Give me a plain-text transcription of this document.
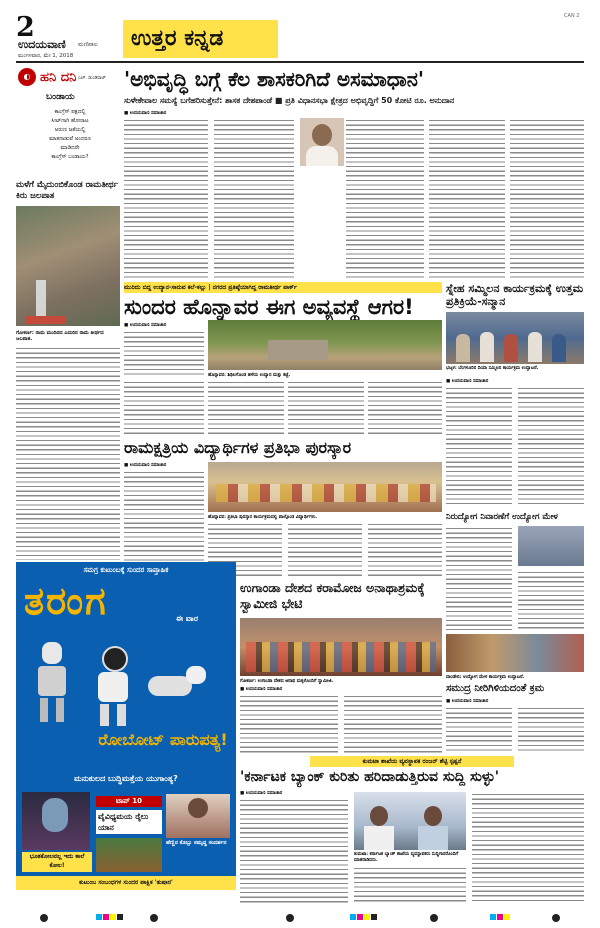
2
ಉದಯವಾಣಿ ಮಣಿಪಾಲ
ಮಂಗಳವಾರ, ಮೇ 1, 2018
ಉತ್ತರ ಕನ್ನಡ
CAN 2
◐ ಹನಿ ದನಿ ಎಚ್. ಡುಂಡಿರಾಜ್
ಬಂಡಾಯ
ಕಾಂಗ್ರೆಸ್ ಪಕ್ಷದಲ್ಲಿ
ಸೀಟ್‌ಗಾಗಿ ಹೋರಾಟ
ಅರುಣ ಜತೆಯಲ್ಲಿ
ಮಾತನಾಡುವೆ ಅಂದರೂ
ಮಾಡಿದರೇ
ಕಾಂಗ್ರೆಸ್ ಬಂಡಾಯ?
ಮಳೆಗೆ ಮೈದುಂಬಿಕೊಂಡ ರಾಮತೀರ್ಥ ಕಿರು ಜಲಪಾತ
ಗೋಕರ್ಣ: ರಾಮ ಮಂದಿರದ ಎದುರಿನ ರಾಮ ತೀರ್ಥದ ಜಲಪಾತ.
'ಅಭಿವೃದ್ಧಿ ಬಗ್ಗೆ ಕೆಲ ಶಾಸಕರಿಗಿದೆ ಅಸಮಾಧಾನ'
ಸುಳೇಕೇವಾಲ ಸಮಸ್ಯೆ ಬಗೆಹರಿಸುತ್ತೇನೆ: ಶಾಸಕ ದೇಶಪಾಂಡೆ ■ ಪ್ರತಿ ವಿಧಾನಸಭಾ ಕ್ಷೇತ್ರದ ಅಭಿವೃದ್ಧಿಗೆ 50 ಕೋಟಿ ರೂ. ಅನುದಾನ
■ ಉದಯವಾಣಿ ಸಮಾಚಾರ
ಮುರಿದು ಬಿದ್ದ ಉದ್ಯಾನ-ಸಾರುವ ಕಲೆ-ಕಲ್ಲು | ನಗರದ ಪ್ರತಿಷ್ಠೆಯಾಗಿದ್ದ ರಾಮತೀರ್ಥ ಪಾರ್ಕ್
ಸುಂದರ ಹೊನ್ನಾವರ ಈಗ ಅವ್ಯವಸ್ಥೆ ಆಗರ!
■ ಉದಯವಾಣಿ ಸಮಾಚಾರ
ಹೊನ್ನಾವರ: ಶಿಥಿಲಗೊಂಡ ಹಳೆಯ ಉದ್ಯಾನ ಮತ್ತು ಕಟ್ಟೆ.
ಸ್ನೇಹ ಸಮ್ಮಿಲನ ಕಾರ್ಯಕ್ರಮಕ್ಕೆ ಉತ್ತಮ ಪ್ರತಿಕ್ರಿಯೆ-ಸನ್ಮಾನ
ಭಟ್ಕಳ: ಬೆಂಗಳೂರಿನ ದಿಯಾ ಸಮ್ಮಿಲನ ಕಾರ್ಯಕ್ರಮ ಉದ್ಘಾಟನೆ.
■ ಉದಯವಾಣಿ ಸಮಾಚಾರ
ನಿರುದ್ಯೋಗ ನಿವಾರಣೆಗೆ ಉದ್ಯೋಗ ಮೇಳ
ದಾಂಡೇಲಿ: ಉದ್ಯೋಗ ಮೇಳ ಕಾರ್ಯಕ್ರಮ ಉದ್ಘಾಟನೆ.
ರಾಮಕ್ಷತ್ರಿಯ ವಿದ್ಯಾರ್ಥಿಗಳ ಪ್ರತಿಭಾ ಪುರಸ್ಕಾರ
■ ಉದಯವಾಣಿ ಸಮಾಚಾರ
ಹೊನ್ನಾವರ: ಪ್ರತಿಭಾ ಪುರಸ್ಕಾರ ಕಾರ್ಯಕ್ರಮದಲ್ಲಿ ಪಾಲ್ಗೊಂಡ ವಿದ್ಯಾರ್ಥಿಗಳು.
ಸಮಗ್ರ ಕುಟುಂಬಕ್ಕೆ ಸುಂದರ ಸಾಪ್ತಾಹಿಕ
ತರಂಗ	ಈ ವಾರ
ರೋಬೋಟ್ ಪಾರುಪತ್ಯ!
ಮನುಕುಲದ ಬುದ್ಧಿಮತ್ತೆಯ ಯುಗಾಂತ್ಯ?
ಭೂತಕೋಲವಲ್ಲ ಇದು ಕಾಲೆ ಕೋಲ!
ಟಾಪ್ 10
ವೈವಿಧ್ಯಮಯ ರೈಲು ಯಾನ
ಹೆಣ್ಣಿನ ಕೊಬ್ಬು ಸಮೃದ್ಧ ಸಂದರ್ಶನ
ಕುಟುಂಬ ಸಂಬಂಧಗಳ ಸುಂದರ ಪಾಕ್ಷಿಕ 'ತುಷಾರ'
ಉಗಾಂಡಾ ದೇಶದ ಕರಾಮೋಜ ಅನಾಥಾಶ್ರಮಕ್ಕೆ ಸ್ವಾಮೀಜಿ ಭೇಟಿ
ಗೋಕರ್ಣ: ಉಗಾಂಡಾ ದೇಶದ ಅನಾಥ ಮಕ್ಕಳೊಂದಿಗೆ ಸ್ವಾಮೀಜಿ.
■ ಉದಯವಾಣಿ ಸಮಾಚಾರ	ಸಮುದ್ರ ನೀರಿಗಿಳಿಯದಂತೆ ಕ್ರಮ
■ ಉದಯವಾಣಿ ಸಮಾಚಾರ
ಕುಮಟಾ ಶಾಖೆಯ ವ್ಯವಸ್ಥಾಪಕ ರಂಜನ್ ಶೆಟ್ಟಿ ಸ್ಪಷ್ಟನೆ
'ಕರ್ನಾಟಕ ಬ್ಯಾಂಕ್ ಕುರಿತು ಹರಿದಾಡುತ್ತಿರುವ ಸುದ್ದಿ ಸುಳ್ಳು'
■ ಉದಯವಾಣಿ ಸಮಾಚಾರ
ಕುಮಟಾ: ಕರ್ನಾಟಕ ಬ್ಯಾಂಕ್ ಶಾಖೆಯ ವ್ಯವಸ್ಥಾಪಕರು ಸುದ್ದಿಗಾರರೊಂದಿಗೆ ಮಾತನಾಡಿದರು.
